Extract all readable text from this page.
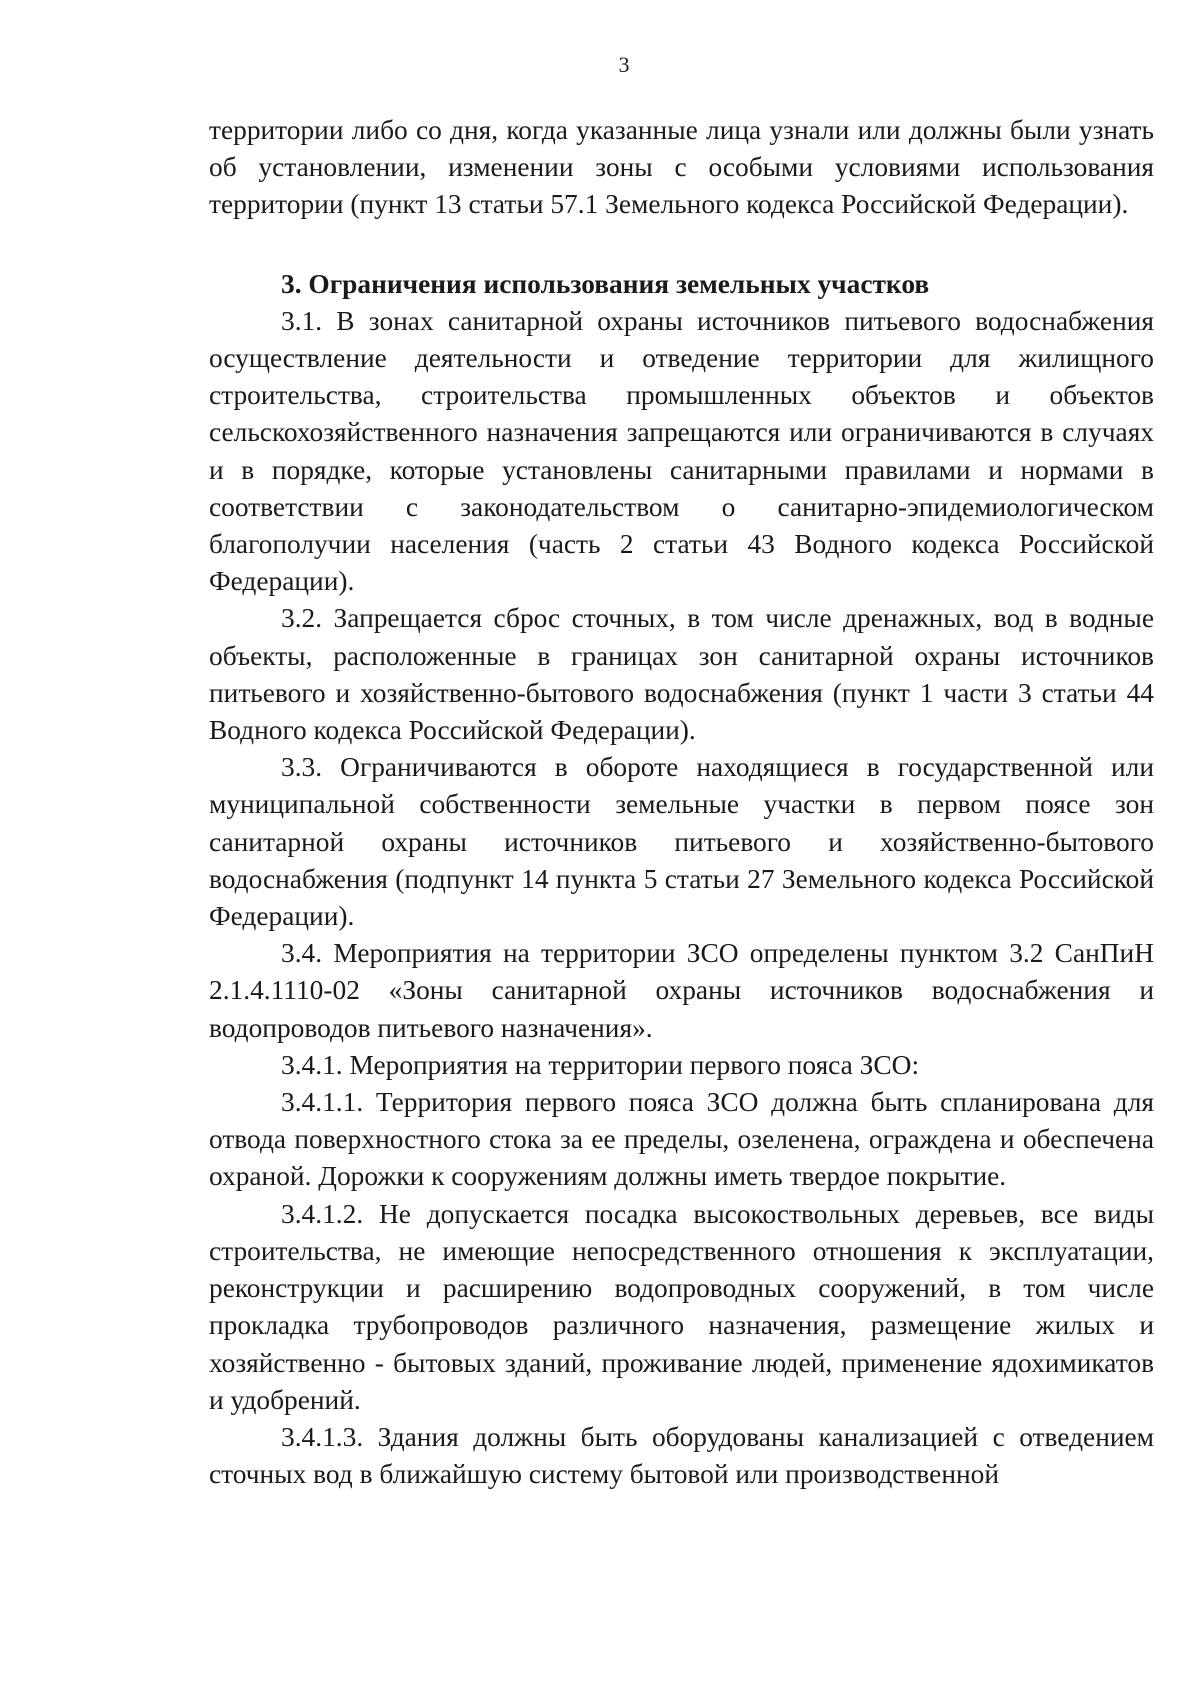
3

территории либо со дня, когда указанные лица узнали или должны были узнать об установлении, изменении зоны с особыми условиями использования территории (пункт 13 статьи 57.1 Земельного кодекса Российской Федерации).

3. Ограничения использования земельных участков

3.1. В зонах санитарной охраны источников питьевого водоснабжения осуществление деятельности и отведение территории для жилищного строительства, строительства промышленных объектов и объектов сельскохозяйственного назначения запрещаются или ограничиваются в случаях и в порядке, которые установлены санитарными правилами и нормами в соответствии с законодательством о санитарно-эпидемиологическом благополучии населения (часть 2 статьи 43 Водного кодекса Российской Федерации).

3.2. Запрещается сброс сточных, в том числе дренажных, вод в водные объекты, расположенные в границах зон санитарной охраны источников питьевого и хозяйственно-бытового водоснабжения (пункт 1 части 3 статьи 44 Водного кодекса Российской Федерации).

3.3. Ограничиваются в обороте находящиеся в государственной или муниципальной собственности земельные участки в первом поясе зон санитарной охраны источников питьевого и хозяйственно-бытового водоснабжения (подпункт 14 пункта 5 статьи 27 Земельного кодекса Российской Федерации).

3.4. Мероприятия на территории ЗСО определены пунктом 3.2 СанПиН 2.1.4.1110-02 «Зоны санитарной охраны источников водоснабжения и водопроводов питьевого назначения».

3.4.1. Мероприятия на территории первого пояса ЗСО:

3.4.1.1. Территория первого пояса ЗСО должна быть спланирована для отвода поверхностного стока за ее пределы, озеленена, ограждена и обеспечена охраной. Дорожки к сооружениям должны иметь твердое покрытие.

3.4.1.2. Не допускается посадка высокоствольных деревьев, все виды строительства, не имеющие непосредственного отношения к эксплуатации, реконструкции и расширению водопроводных сооружений, в том числе прокладка трубопроводов различного назначения, размещение жилых и хозяйственно - бытовых зданий, проживание людей, применение ядохимикатов и удобрений.

3.4.1.3. Здания должны быть оборудованы канализацией с отведением сточных вод в ближайшую систему бытовой или производственной
